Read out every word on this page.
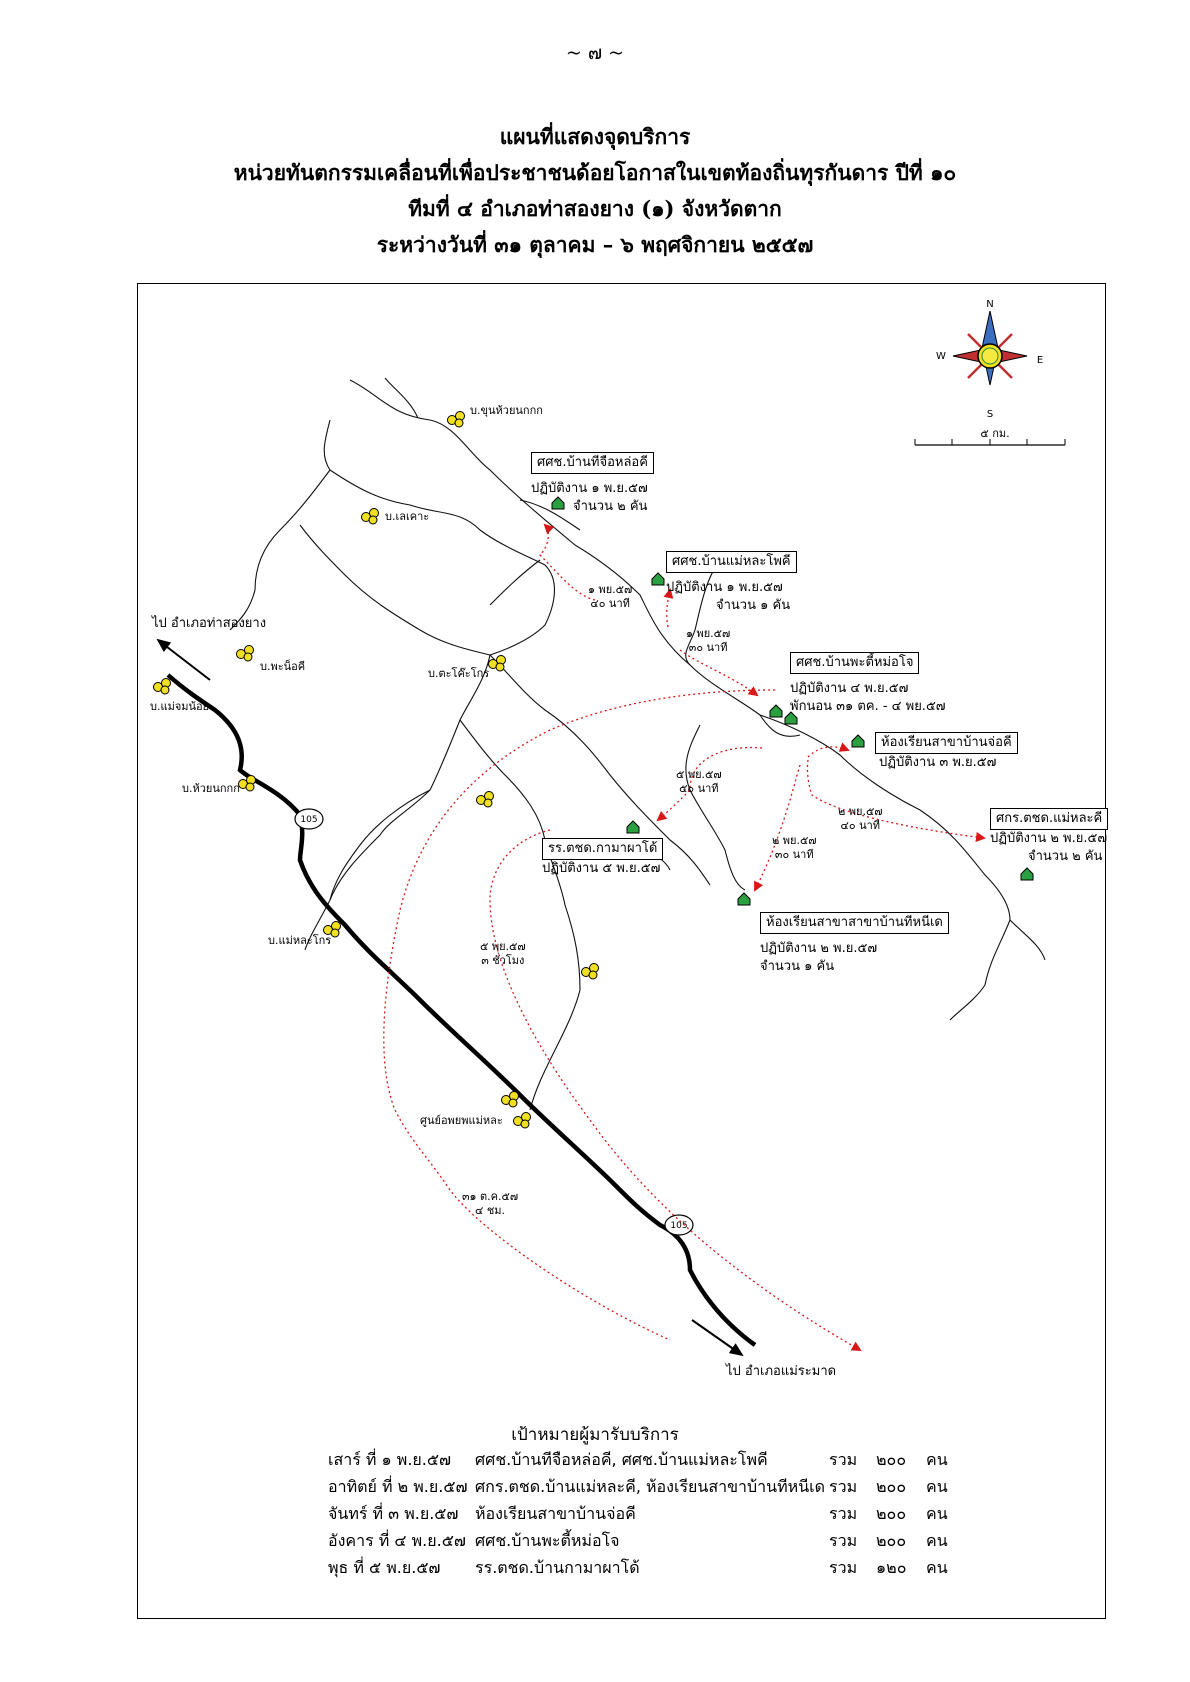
~ ๗ ~
แผนที่แสดงจุดบริการ
หน่วยทันตกรรมเคลื่อนที่เพื่อประชาชนด้อยโอกาสในเขตท้องถิ่นทุรกันดาร ปีที่ ๑๐
ทีมที่ ๔ อำเภอท่าสองยาง (๑) จังหวัดตาก
ระหว่างวันที่ ๓๑ ตุลาคม – ๖ พฤศจิกายน ๒๕๕๗
105
105
N
S
E
W
๕ กม.
บ.ขุนห้วยนกกก
บ.เลเคาะ
บ.พะน็อคี
บ.แม่จมน้อย
บ.ตะโค๊ะโกร
บ.ห้วยนกกก
บ.แม่หละโกร
ศูนย์อพยพแม่หละ
ไป อำเภอท่าสองยาง
ไป อำเภอแม่ระมาด
ศศช.บ้านทีจือหล่อคี
ปฏิบัติงาน ๑ พ.ย.๕๗
จำนวน ๒ คัน
ศศช.บ้านแม่หละโพคี
ปฏิบัติงาน ๑ พ.ย.๕๗
จำนวน ๑ คัน
ศศช.บ้านพะตี้หม่อโจ
ปฏิบัติงาน ๔ พ.ย.๕๗
พักนอน ๓๑ ตค. - ๔ พย.๕๗
ห้องเรียนสาขาบ้านจ่อคี
ปฏิบัติงาน ๓ พ.ย.๕๗
ศกร.ตชด.แม่หละคี
ปฏิบัติงาน ๒ พ.ย.๕๗
จำนวน ๒ คัน
รร.ตชด.กามาผาโด้
ปฏิบัติงาน ๕ พ.ย.๕๗
ห้องเรียนสาขาสาขาบ้านทีหนีเด
ปฏิบัติงาน ๒ พ.ย.๕๗
จำนวน ๑ คัน
๑ พย.๕๗
๔๐ นาที
๑ พย.๕๗
๓๐ นาที
๕ พย.๕๗
๕๐ นาที
๒ พย.๕๗
๔๐ นาที
๒ พย.๕๗
๓๐ นาที
๕ พย.๕๗
๓ ชั่วโมง
๓๑ ต.ค.๕๗
๔ ชม.
เป้าหมายผู้มารับบริการ
เสาร์ ที่ ๑ พ.ย.๕๗	ศศช.บ้านทีจือหล่อคี, ศศช.บ้านแม่หละโพคี	รวม	๒๐๐	คน
อาทิตย์ ที่ ๒ พ.ย.๕๗	ศกร.ตชด.บ้านแม่หละคี, ห้องเรียนสาขาบ้านทีหนีเด	รวม	๒๐๐	คน
จันทร์ ที่ ๓ พ.ย.๕๗	ห้องเรียนสาขาบ้านจ่อคี	รวม	๒๐๐	คน
อังคาร ที่ ๔ พ.ย.๕๗	ศศช.บ้านพะตี้หม่อโจ	รวม	๒๐๐	คน
พุธ ที่ ๕ พ.ย.๕๗	รร.ตชด.บ้านกามาผาโด้	รวม	๑๒๐	คน
